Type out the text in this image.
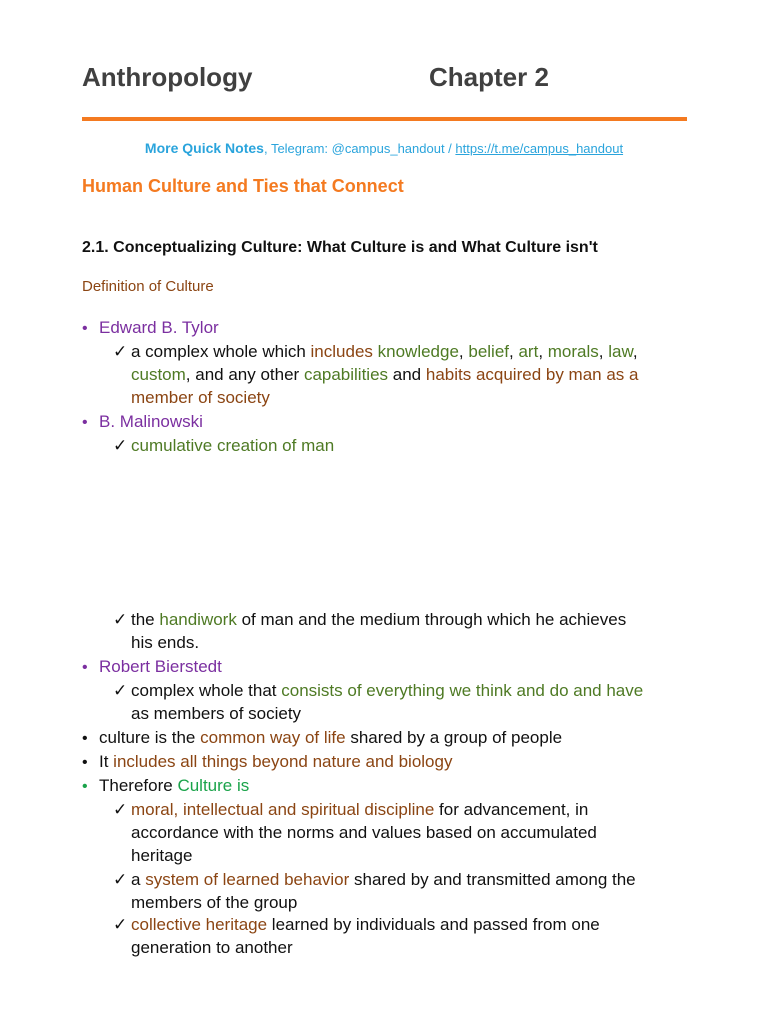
Anthropology	Chapter 2
More Quick Notes, Telegram: @campus_handout / https://t.me/campus_handout
Human Culture and Ties that Connect
2.1. Conceptualizing Culture: What Culture is and What Culture isn't
Definition of Culture
• Edward B. Tylor
✓ a complex whole which includes knowledge, belief, art, morals, law,
custom, and any other capabilities and habits acquired by man as a
member of society
• B. Malinowski
✓ cumulative creation of man
✓ the handiwork of man and the medium through which he achieves
his ends.
• Robert Bierstedt
✓ complex whole that consists of everything we think and do and have
as members of society
• culture is the common way of life shared by a group of people
• It includes all things beyond nature and biology
• Therefore Culture is
✓ moral, intellectual and spiritual discipline for advancement, in
accordance with the norms and values based on accumulated
heritage
✓ a system of learned behavior shared by and transmitted among the
members of the group
✓ collective heritage learned by individuals and passed from one
generation to another
